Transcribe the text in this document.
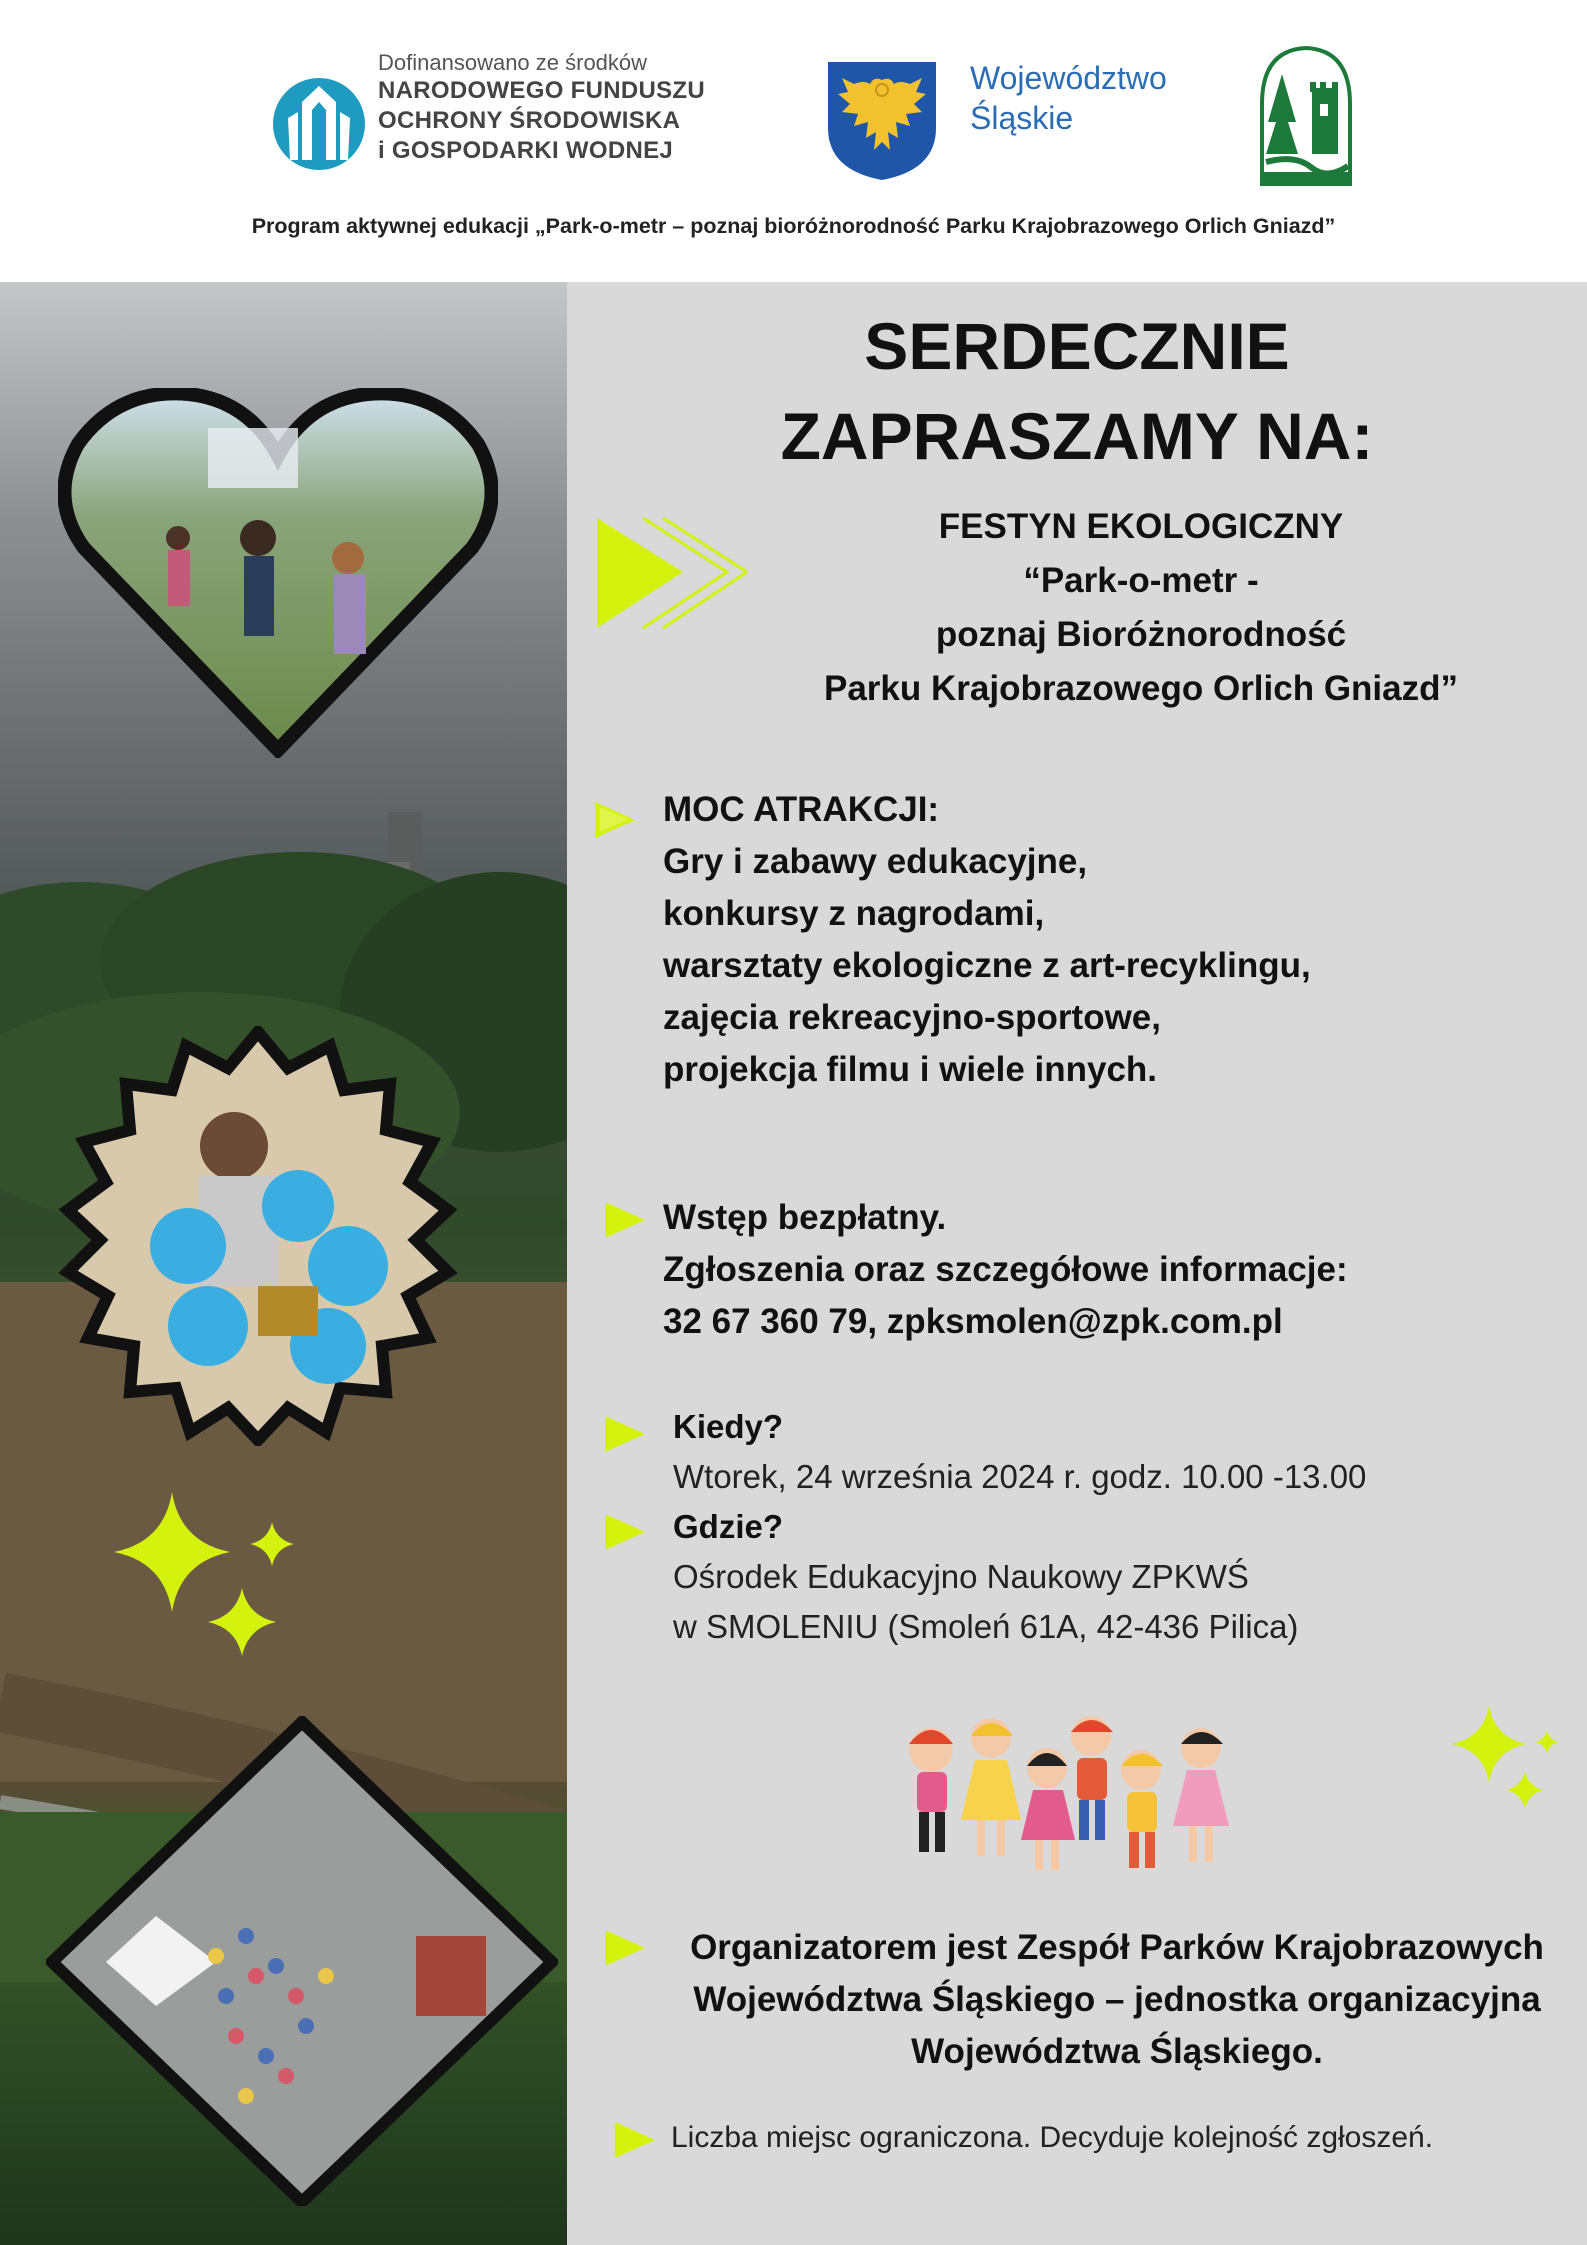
Dofinansowano ze środków
NARODOWEGO FUNDUSZU
OCHRONY ŚRODOWISKA
i GOSPODARKI WODNEJ
Województwo
Śląskie
Program aktywnej edukacji „Park-o-metr – poznaj bioróżnorodność Parku Krajobrazowego Orlich Gniazd”
SERDECZNIE
ZAPRASZAMY NA:
FESTYN EKOLOGICZNY
“Park-o-metr -
poznaj Bioróżnorodność
Parku Krajobrazowego Orlich Gniazd”
MOC ATRAKCJI:
Gry i zabawy edukacyjne,
konkursy z nagrodami,
warsztaty ekologiczne z art-recyklingu,
zajęcia rekreacyjno-sportowe,
projekcja filmu i wiele innych.
Wstęp bezpłatny.
Zgłoszenia oraz szczegółowe informacje:
32 67 360 79, zpksmolen@zpk.com.pl
Kiedy?
Wtorek, 24 września 2024 r. godz. 10.00 -13.00
Gdzie?
Ośrodek Edukacyjno Naukowy ZPKWŚ
w SMOLENIU (Smoleń 61A, 42-436 Pilica)
Organizatorem jest Zespół Parków Krajobrazowych
Województwa Śląskiego – jednostka organizacyjna
Województwa Śląskiego.
Liczba miejsc ograniczona. Decyduje kolejność zgłoszeń.
